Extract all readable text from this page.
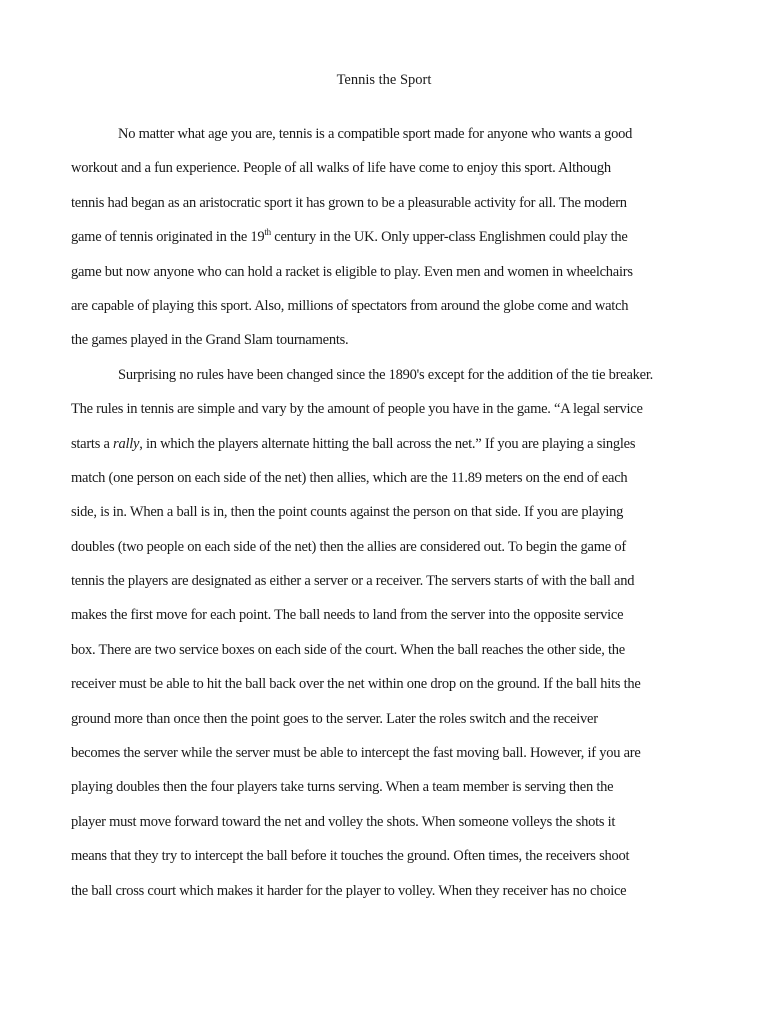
Tennis the Sport
No matter what age you are, tennis is a compatible sport made for anyone who wants a good
workout and a fun experience. People of all walks of life have come to enjoy this sport. Although
tennis had began as an aristocratic sport it has grown to be a pleasurable activity for all. The modern
game of tennis originated in the 19th century in the UK. Only upper-class Englishmen could play the
game but now anyone who can hold a racket is eligible to play. Even men and women in wheelchairs
are capable of playing this sport. Also, millions of spectators from around the globe come and watch
the games played in the Grand Slam tournaments.
Surprising no rules have been changed since the 1890's except for the addition of the tie breaker.
The rules in tennis are simple and vary by the amount of people you have in the game. “A legal service
starts a rally, in which the players alternate hitting the ball across the net.” If you are playing a singles
match (one person on each side of the net) then allies, which are the 11.89 meters on the end of each
side, is in. When a ball is in, then the point counts against the person on that side. If you are playing
doubles (two people on each side of the net) then the allies are considered out. To begin the game of
tennis the players are designated as either a server or a receiver. The servers starts of with the ball and
makes the first move for each point. The ball needs to land from the server into the opposite service
box. There are two service boxes on each side of the court. When the ball reaches the other side, the
receiver must be able to hit the ball back over the net within one drop on the ground. If the ball hits the
ground more than once then the point goes to the server. Later the roles switch and the receiver
becomes the server while the server must be able to intercept the fast moving ball. However, if you are
playing doubles then the four players take turns serving. When a team member is serving then the
player must move forward toward the net and volley the shots. When someone volleys the shots it
means that they try to intercept the ball before it touches the ground. Often times, the receivers shoot
the ball cross court which makes it harder for the player to volley. When they receiver has no choice
